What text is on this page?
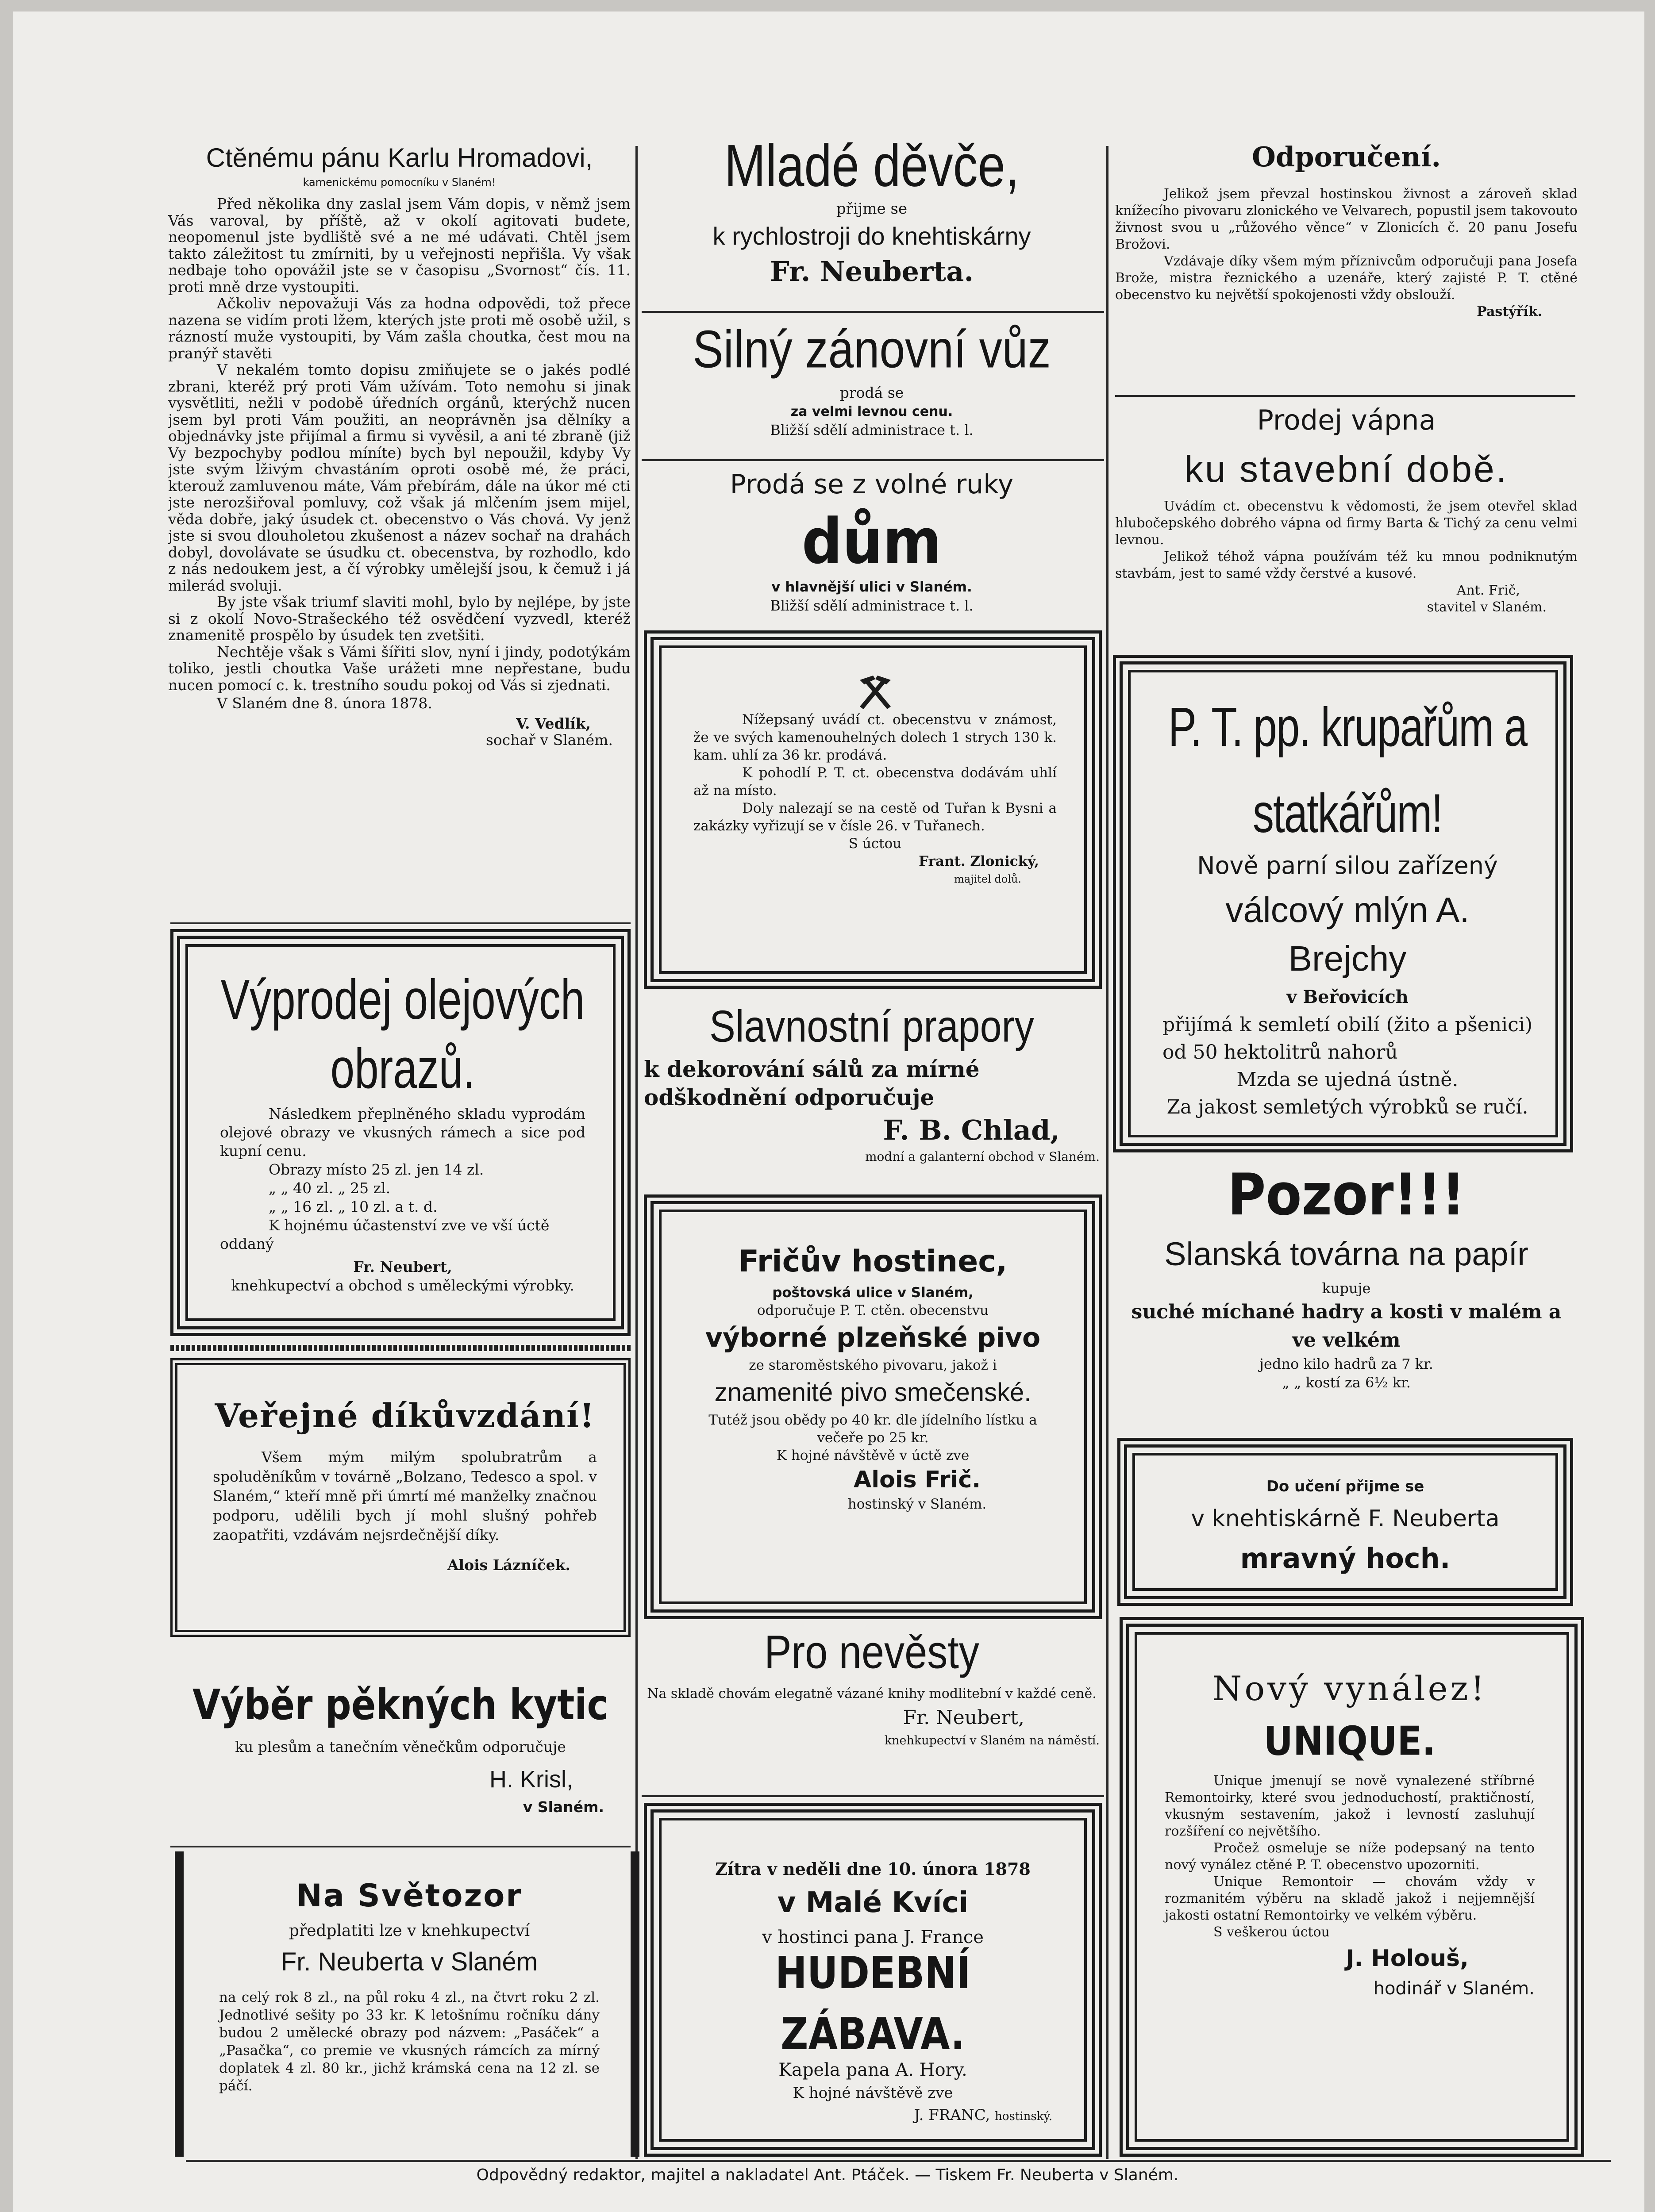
Ctěnému pánu Karlu Hromadovi,
kamenickému pomocníku v Slaném!

Před několika dny zaslal jsem Vám dopis, v němž jsem Vás varoval, by příště, až v okolí agitovati budete, neopomenul jste bydliště své a ne mé udávati. Chtěl jsem takto záležitost tu zmírniti, by u veřejnosti nepřišla. Vy však nedbaje toho opovážil jste se v časopisu „Svornost“ čís. 11. proti mně drze vystoupiti.

Ačkoliv nepovažuji Vás za hodna odpovědi, tož přece nazena se vidím proti lžem, kterých jste proti mě osobě užil, s rázností muže vystoupiti, by Vám zašla choutka, čest mou na pranýř stavěti

V nekalém tomto dopisu zmiňujete se o jakés podlé zbrani, kteréž prý proti Vám užívám. Toto nemohu si jinak vysvětliti, nežli v podobě úředních orgánů, kterýchž nucen jsem byl proti Vám použiti, an neoprávněn jsa dělníky a objednávky jste přijímal a firmu si vyvěsil, a ani té zbraně (již Vy bezpochyby podlou míníte) bych byl nepoužil, kdyby Vy jste svým lživým chvastáním oproti osobě mé, že práci, kterouž zamluvenou máte, Vám přebírám, dále na úkor mé cti jste nerozšiřoval pomluvy, což však já mlčením jsem mijel, věda dobře, jaký úsudek ct. obecenstvo o Vás chová. Vy jenž jste si svou dlouholetou zkušenost a název sochař na drahách dobyl, dovolávate se úsudku ct. obecenstva, by rozhodlo, kdo z nás nedoukem jest, a čí výrobky umělejší jsou, k čemuž i já milerád svoluji.

By jste však triumf slaviti mohl, bylo by nejlépe, by jste si z okolí Novo-Strašeckého též osvědčení vyzvedl, kteréž znamenitě prospělo by úsudek ten zvetšiti.

Nechtěje však s Vámi šířiti slov, nyní i jindy, podotýkám toliko, jestli choutka Vaše urážeti mne nepřestane, budu nucen pomocí c. k. trestního soudu pokoj od Vás si zjednati.

V Slaném dne 8. února 1878.

V. Vedlík,

sochař v Slaném.

Výprodej olejových obrazů.

Následkem přeplněného skladu vyprodám olejové obrazy ve vkusných rámech a sice pod kupní cenu.

Obrazy místo 25 zl. jen 14 zl.

„ „ 40 zl. „ 25 zl.

„ „ 16 zl. „ 10 zl. a t. d.

K hojnému účastenství zve ve vší úctě oddaný

Fr. Neubert,

knehkupectví a obchod s uměleckými výrobky.

Veřejné díkůvzdání!

Všem mým milým spolubratrům a spoluděníkům v továrně „Bolzano, Tedesco a spol. v Slaném,“ kteří mně při úmrtí mé manželky značnou podporu, udělili bych jí mohl slušný pohřeb zaopatřiti, vzdávám nejsrdečnější díky.

Alois Lázníček.

Výběr pěkných kytic

ku plesům a tanečním věnečkům odporučuje

H. Krisl,

v Slaném.

Na Světozor

předplatiti lze v knehkupectví

Fr. Neuberta v Slaném

na celý rok 8 zl., na půl roku 4 zl., na čtvrt roku 2 zl. Jednotlivé sešity po 33 kr. K letošnímu ročníku dány budou 2 umělecké obrazy pod názvem: „Pasáček“ a „Pasačka“, co premie ve vkusných rámcích za mírný doplatek 4 zl. 80 kr., jichž krámská cena na 12 zl. se páčí.

Mladé děvče,

přijme se

k rychlostroji do knehtiskárny

Fr. Neuberta.

Silný zánovní vůz

prodá se

za velmi levnou cenu.

Bližší sdělí administrace t. l.

Prodá se z volné ruky
dům

v hlavnější ulici v Slaném.

Bližší sdělí administrace t. l.

Nížepsaný uvádí ct. obecenstvu v známost, že ve svých kamenouhelných dolech 1 strych 130 k. kam. uhlí za 36 kr. prodává.

K pohodlí P. T. ct. obecenstva dodávám uhlí až na místo.

Doly nalezají se na cestě od Tuřan k Bysni a zakázky vyřizují se v čísle 26. v Tuřanech.

S úctou

Frant. Zlonický,

majitel dolů.

Slavnostní prapory

k dekorování sálů za mírné odškodnění odporučuje

F. B. Chlad,

modní a galanterní obchod v Slaném.

Fričův hostinec,

poštovská ulice v Slaném,

odporučuje P. T. ctěn. obecenstvu

výborné plzeňské pivo

ze staroměstského pivovaru, jakož i

znamenité pivo smečenské.

Tutéž jsou obědy po 40 kr. dle jídelního lístku a večeře po 25 kr.

K hojné návštěvě v úctě zve

Alois Frič.

hostinský v Slaném.

Pro nevěsty

Na skladě chovám elegatně vázané knihy modlitební v každé ceně.

Fr. Neubert,

knehkupectví v Slaném na náměstí.

Zítra v neděli dne 10. února 1878

v Malé Kvíci

v hostinci pana J. France

HUDEBNÍ ZÁBAVA.

Kapela pana A. Hory.

K hojné návštěvě zve

J. FRANC, hostinský.

Odporučení.

Jelikož jsem převzal hostinskou živnost a zároveň sklad knížecího pivovaru zlonického ve Velvarech, popustil jsem takovouto živnost svou u „růžového věnce“ v Zlonicích č. 20 panu Josefu Brožovi.

Vzdávaje díky všem mým příznivcům odporučuji pana Josefa Brože, mistra řeznického a uzenáře, který zajisté P. T. ctěné obecenstvo ku největší spokojenosti vždy obslouží.

Pastýřík.

Prodej vápna
ku stavební době.

Uvádím ct. obecenstvu k vědomosti, že jsem otevřel sklad hlubočepského dobrého vápna od firmy Barta & Tichý za cenu velmi levnou.

Jelikož téhož vápna používám též ku mnou podniknutým stavbám, jest to samé vždy čerstvé a kusové.

Ant. Frič,

stavitel v Slaném.

P. T. pp. krupařům a statkářům!

Nově parní silou zařízený

válcový mlýn A. Brejchy

v Beřovicích

přijímá k semletí obilí (žito a pšenici) od 50 hektolitrů nahorů

Mzda se ujedná ústně.

Za jakost semletých výrobků se ručí.

Pozor!!!

Slanská továrna na papír

kupuje

suché míchané hadry a kosti v malém a ve velkém

jedno kilo hadrů za 7 kr.

„ „ kostí za 6½ kr.

Do učení přijme se

v knehtiskárně F. Neuberta

mravný hoch.

Nový vynález!
UNIQUE.

Unique jmenují se nově vynalezené stříbrné Remontoirky, které svou jednoduchostí, praktičností, vkusným sestavením, jakož i levností zasluhují rozšíření co největšího.

Pročež osmeluje se níže podepsaný na tento nový vynález ctěné P. T. obecenstvo upozorniti.

Unique Remontoir — chovám vždy v rozmanitém výběru na skladě jakož i nejjemnější jakosti ostatní Remontoirky ve velkém výběru.

S veškerou úctou

J. Holouš,

hodinář v Slaném.

Odpovědný redaktor, majitel a nakladatel Ant. Ptáček. — Tiskem Fr. Neuberta v Slaném.
